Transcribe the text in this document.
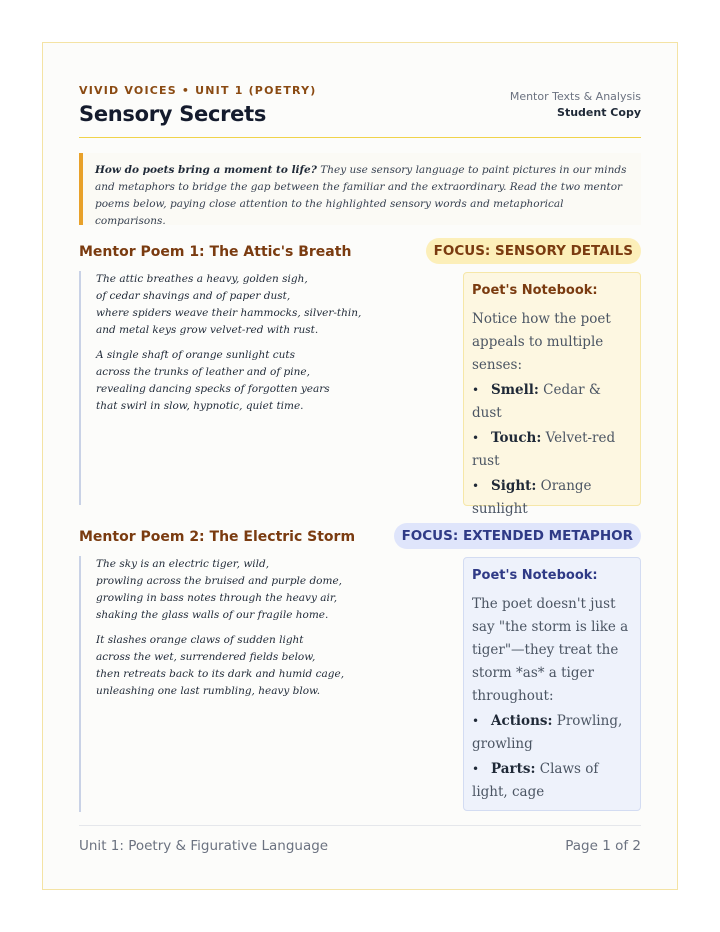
VIVID VOICES • UNIT 1 (POETRY)
Sensory Secrets
Mentor Texts & Analysis
Student Copy
How do poets bring a moment to life? They use sensory language to paint pictures in our minds and metaphors to bridge the gap between the familiar and the extraordinary. Read the two mentor poems below, paying close attention to the highlighted sensory words and metaphorical comparisons.
Mentor Poem 1: The Attic's Breath	FOCUS: SENSORY DETAILS
The attic breathes a heavy, golden sigh,
of cedar shavings and of paper dust,
where spiders weave their hammocks, silver-thin,
and metal keys grow velvet-red with rust.
A single shaft of orange sunlight cuts
across the trunks of leather and of pine,
revealing dancing specks of forgotten years
that swirl in slow, hypnotic, quiet time.
Poet's Notebook:
Notice how the poet appeals to multiple senses:
• Smell: Cedar & dust
• Touch: Velvet-red rust
• Sight: Orange sunlight
Mentor Poem 2: The Electric Storm	FOCUS: EXTENDED METAPHOR
The sky is an electric tiger, wild,
prowling across the bruised and purple dome,
growling in bass notes through the heavy air,
shaking the glass walls of our fragile home.
It slashes orange claws of sudden light
across the wet, surrendered fields below,
then retreats back to its dark and humid cage,
unleashing one last rumbling, heavy blow.
Poet's Notebook:
The poet doesn't just say "the storm is like a tiger"—they treat the storm *as* a tiger throughout:
• Actions: Prowling, growling
• Parts: Claws of light, cage
Unit 1: Poetry & Figurative Language	Page 1 of 2
